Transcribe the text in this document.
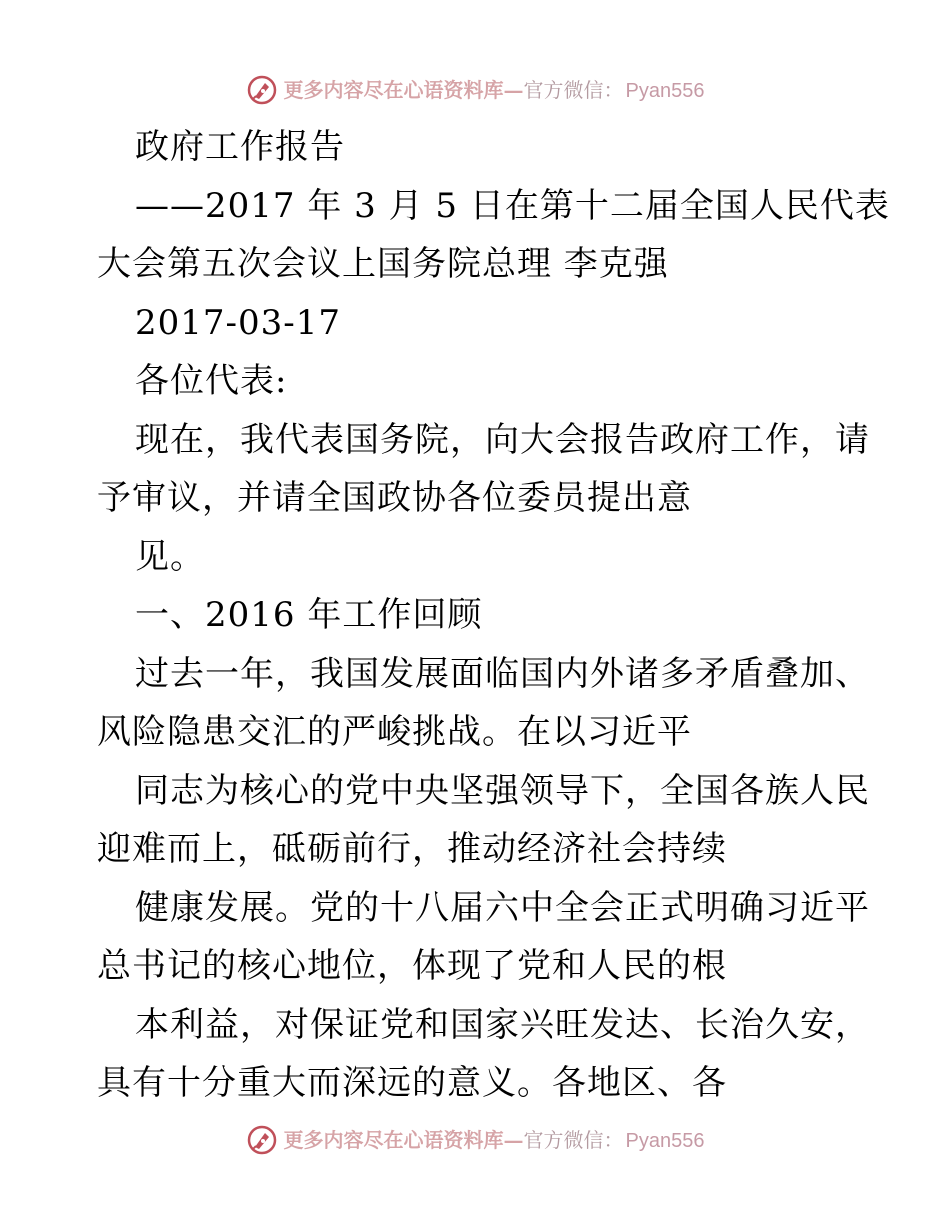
更多内容尽在心语资料库— 官方微信： Pyan556
政府工作报告
——2017 年 3 月 5 日在第十二届全国人民代表
大会第五次会议上国务院总理 李克强
2017-03-17
各位代表:
现在，我代表国务院，向大会报告政府工作，请
予审议，并请全国政协各位委员提出意
见。
一、2016 年工作回顾
过去一年，我国发展面临国内外诸多矛盾叠加、
风险隐患交汇的严峻挑战。在以习近平
同志为核心的党中央坚强领导下，全国各族人民
迎难而上，砥砺前行，推动经济社会持续
健康发展。党的十八届六中全会正式明确习近平
总书记的核心地位，体现了党和人民的根
本利益，对保证党和国家兴旺发达、长治久安，
具有十分重大而深远的意义。各地区、各
更多内容尽在心语资料库— 官方微信： Pyan556
